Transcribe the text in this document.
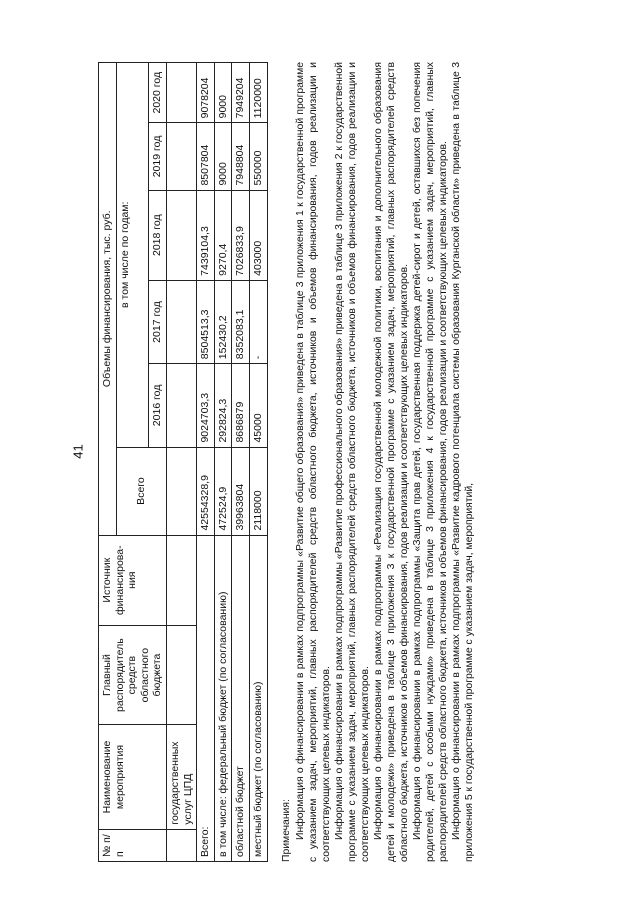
41
№ п/п	Наименование мероприятия	Главный распорядитель средств областного бюджета	Источник финансирова-ния	Объемы финансирования, тыс. руб.					
				Всего	в том числе по годам:				
					2016 год	2017 год	2018 год	2019 год	2020 год
	государственных услуг ЦПД								
Всего:				42554328,9	9024703,3	8504513,3	7439104,3	8507804	9078204
в том числе: федеральный бюджет (по согласованию)				472524,9	292824,3	152430,2	9270,4	9000	9000
областной бюджет				39963804	8686879	8352083,1	7026833,9	7948804	7949204
местный бюджет (по согласованию)				2118000	45000	-	403000	550000	1120000
Примечания: Информация о финансировании в рамках подпрограммы «Развитие общего образования» приведена в таблице 3 приложения 1 к государственной программе с указанием задач, мероприятий, главных распорядителей средств областного бюджета, источников и объемов финансирования, годов реализации и соответствующих целевых индикаторов. Информация о финансировании в рамках подпрограммы «Развитие профессионального образования» приведена в таблице 3 приложения 2 к государственной программе с указанием задач, мероприятий, главных распорядителей средств областного бюджета, источников и объемов финансирования, годов реализации и соответствующих целевых индикаторов. Информация о финансировании в рамках подпрограммы «Реализация государственной молодежной политики, воспитания и дополнительного образования детей и молодежи» приведена в таблице 3 приложения 3 к государственной программе с указанием задач, мероприятий, главных распорядителей средств областного бюджета, источников и объемов финансирования, годов реализации и соответствующих целевых индикаторов. Информация о финансировании в рамках подпрограммы «Защита прав детей, государственная поддержка детей-сирот и детей, оставшихся без попечения родителей, детей с особыми нуждами» приведена в таблице 3 приложения 4 к государственной программе с указанием задач, мероприятий, главных распорядителей средств областного бюджета, источников и объемов финансирования, годов реализации и соответствующих целевых индикаторов. Информация о финансировании в рамках подпрограммы «Развитие кадрового потенциала системы образования Курганской области» приведена в таблице 3 приложения 5 к государственной программе с указанием задач, мероприятий,
